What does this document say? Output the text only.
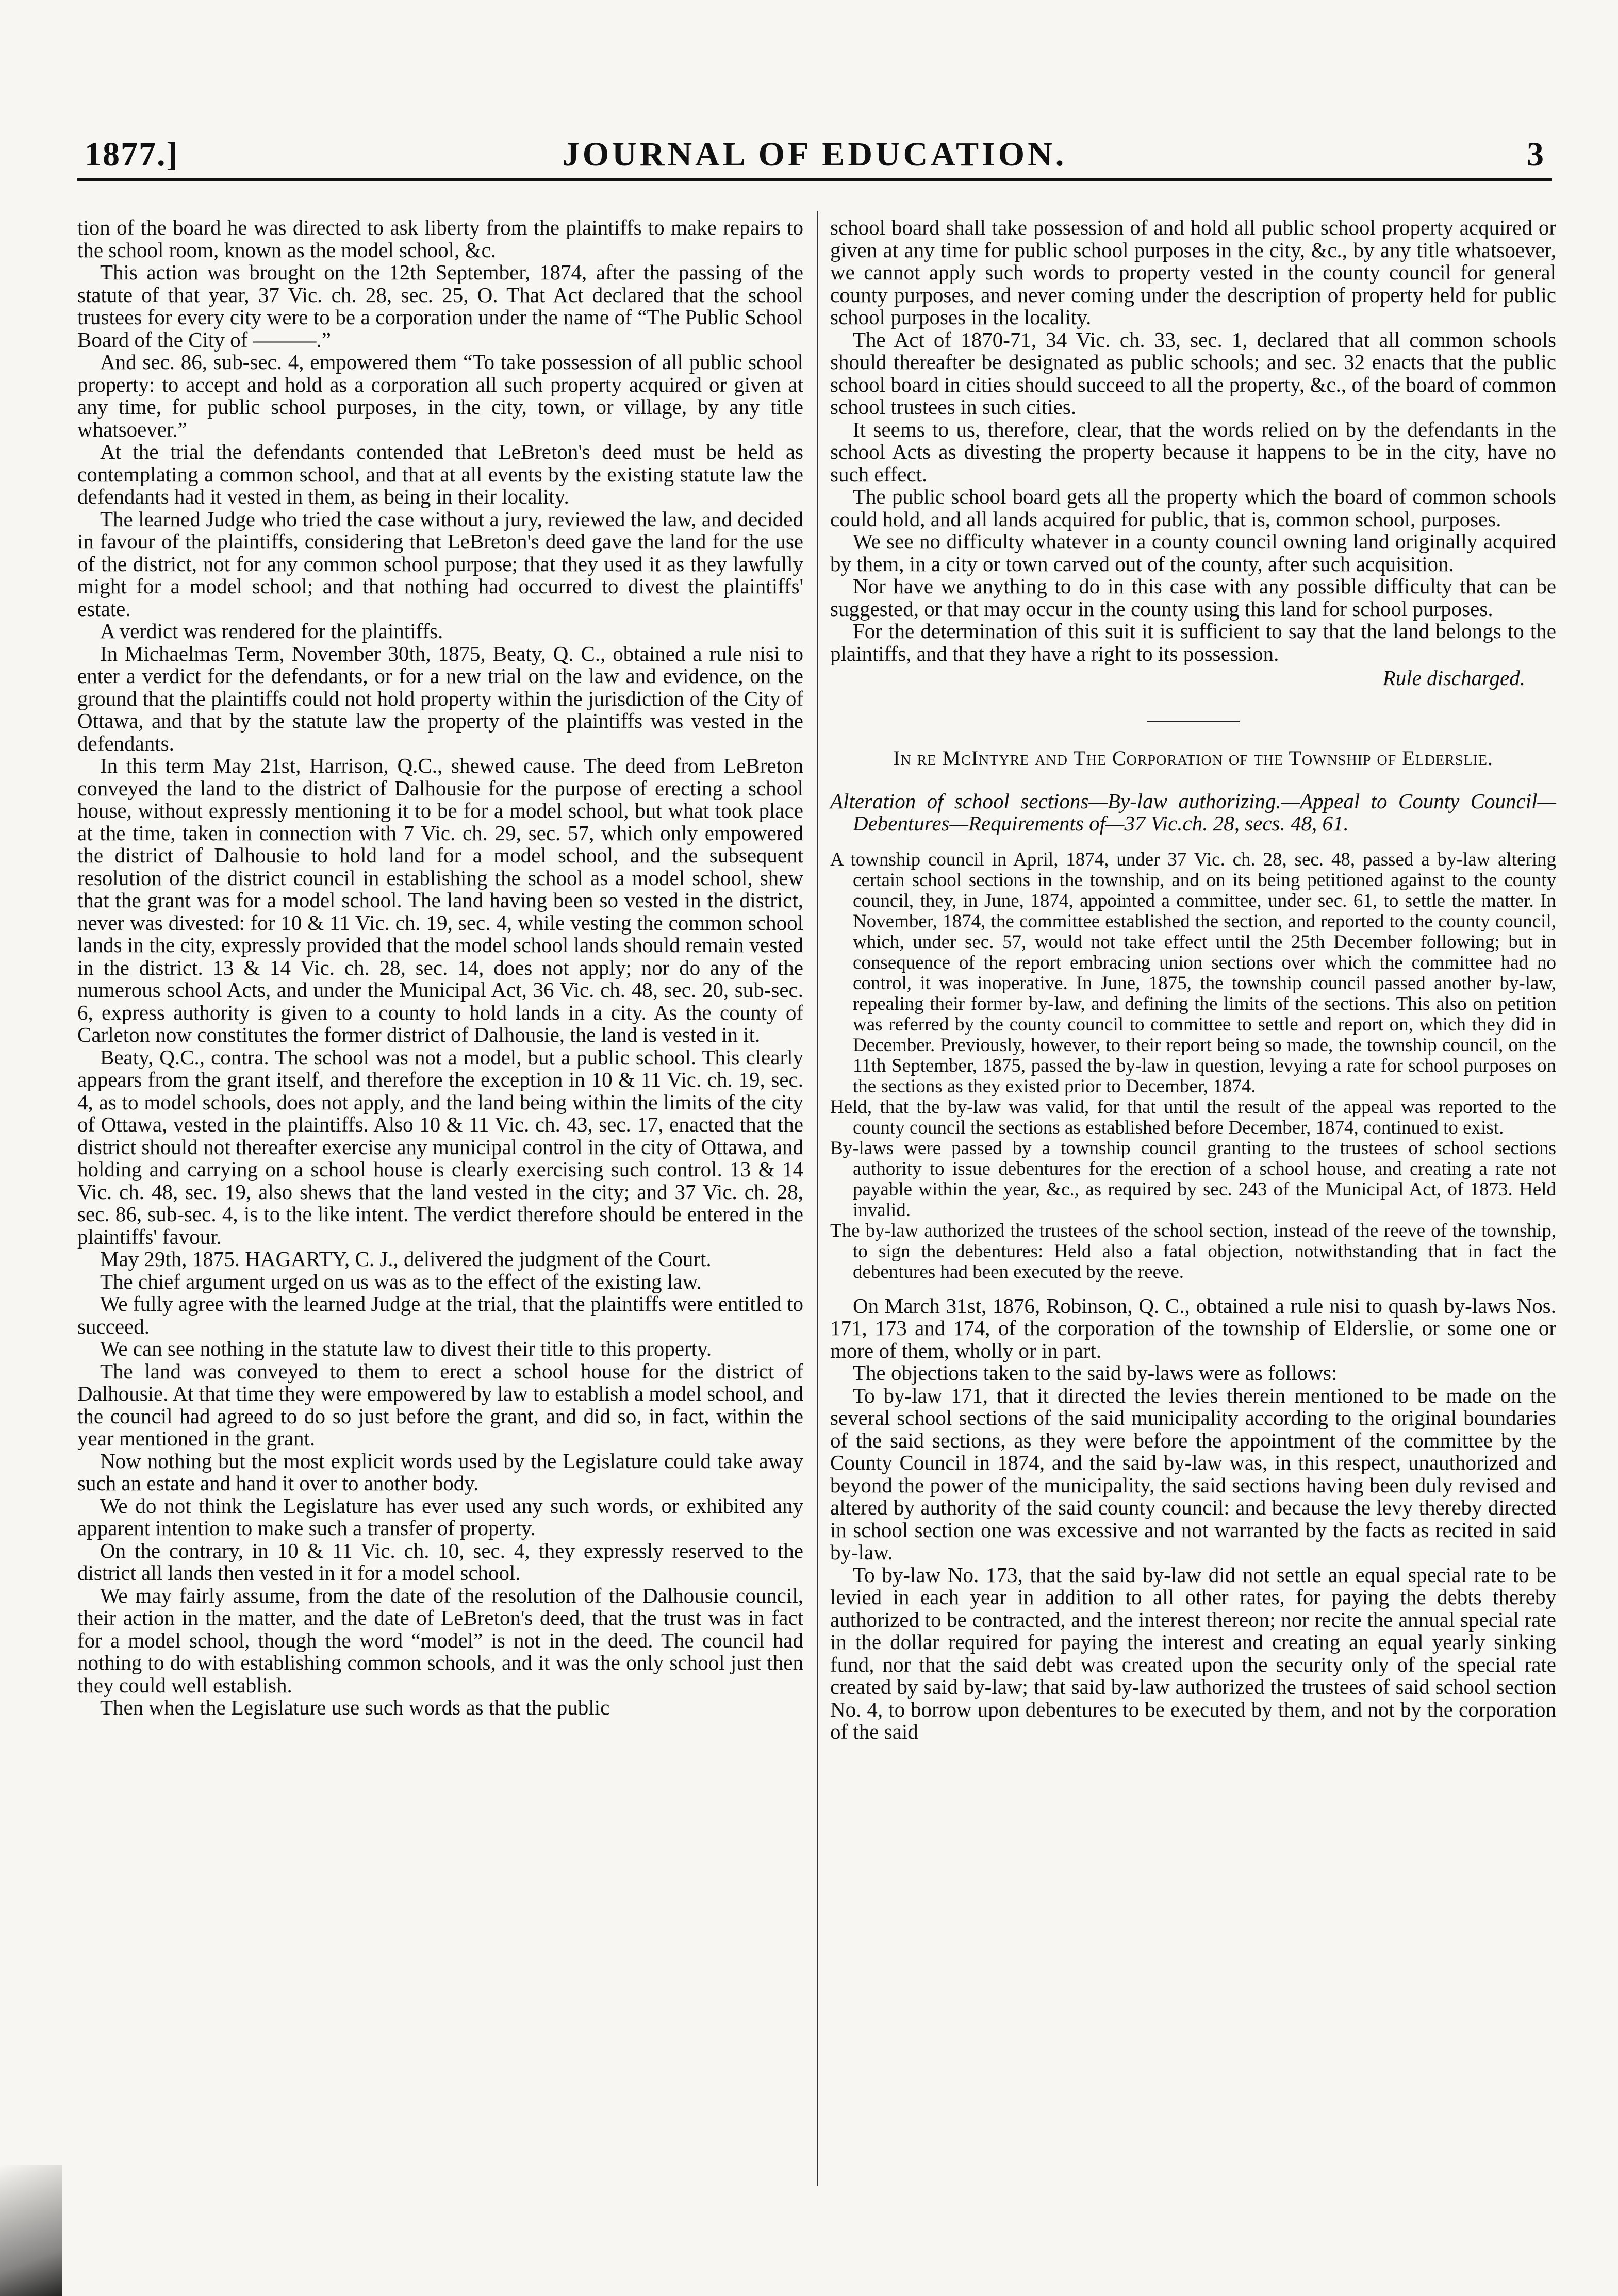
1877.]	JOURNAL OF EDUCATION.	3

tion of the board he was directed to ask liberty from the plaintiffs to make repairs to the school room, known as the model school, &c.

This action was brought on the 12th September, 1874, after the passing of the statute of that year, 37 Vic. ch. 28, sec. 25, O. That Act declared that the school trustees for every city were to be a corporation under the name of “The Public School Board of the City of ———.”

And sec. 86, sub-sec. 4, empowered them “To take possession of all public school property: to accept and hold as a corporation all such property acquired or given at any time, for public school purposes, in the city, town, or village, by any title whatsoever.”

At the trial the defendants contended that LeBreton's deed must be held as contemplating a common school, and that at all events by the existing statute law the defendants had it vested in them, as being in their locality.

The learned Judge who tried the case without a jury, reviewed the law, and decided in favour of the plaintiffs, considering that LeBreton's deed gave the land for the use of the district, not for any common school purpose; that they used it as they lawfully might for a model school; and that nothing had occurred to divest the plaintiffs' estate.

A verdict was rendered for the plaintiffs.

In Michaelmas Term, November 30th, 1875, Beaty, Q. C., obtained a rule nisi to enter a verdict for the defendants, or for a new trial on the law and evidence, on the ground that the plaintiffs could not hold property within the jurisdiction of the City of Ottawa, and that by the statute law the property of the plaintiffs was vested in the defendants.

In this term May 21st, Harrison, Q.C., shewed cause. The deed from LeBreton conveyed the land to the district of Dalhousie for the purpose of erecting a school house, without expressly mentioning it to be for a model school, but what took place at the time, taken in connection with 7 Vic. ch. 29, sec. 57, which only empowered the district of Dalhousie to hold land for a model school, and the subsequent resolution of the district council in establishing the school as a model school, shew that the grant was for a model school. The land having been so vested in the district, never was divested: for 10 & 11 Vic. ch. 19, sec. 4, while vesting the common school lands in the city, expressly provided that the model school lands should remain vested in the district. 13 & 14 Vic. ch. 28, sec. 14, does not apply; nor do any of the numerous school Acts, and under the Municipal Act, 36 Vic. ch. 48, sec. 20, sub-sec. 6, express authority is given to a county to hold lands in a city. As the county of Carleton now constitutes the former district of Dalhousie, the land is vested in it.

Beaty, Q.C., contra. The school was not a model, but a public school. This clearly appears from the grant itself, and therefore the exception in 10 & 11 Vic. ch. 19, sec. 4, as to model schools, does not apply, and the land being within the limits of the city of Ottawa, vested in the plaintiffs. Also 10 & 11 Vic. ch. 43, sec. 17, enacted that the district should not thereafter exercise any municipal control in the city of Ottawa, and holding and carrying on a school house is clearly exercising such control. 13 & 14 Vic. ch. 48, sec. 19, also shews that the land vested in the city; and 37 Vic. ch. 28, sec. 86, sub-sec. 4, is to the like intent. The verdict therefore should be entered in the plaintiffs' favour.

May 29th, 1875. HAGARTY, C. J., delivered the judgment of the Court.

The chief argument urged on us was as to the effect of the existing law.

We fully agree with the learned Judge at the trial, that the plaintiffs were entitled to succeed.

We can see nothing in the statute law to divest their title to this property.

The land was conveyed to them to erect a school house for the district of Dalhousie. At that time they were empowered by law to establish a model school, and the council had agreed to do so just before the grant, and did so, in fact, within the year mentioned in the grant.

Now nothing but the most explicit words used by the Legislature could take away such an estate and hand it over to another body.

We do not think the Legislature has ever used any such words, or exhibited any apparent intention to make such a transfer of property.

On the contrary, in 10 & 11 Vic. ch. 10, sec. 4, they expressly reserved to the district all lands then vested in it for a model school.

We may fairly assume, from the date of the resolution of the Dalhousie council, their action in the matter, and the date of LeBreton's deed, that the trust was in fact for a model school, though the word “model” is not in the deed. The council had nothing to do with establishing common schools, and it was the only school just then they could well establish.

Then when the Legislature use such words as that the public

school board shall take possession of and hold all public school property acquired or given at any time for public school purposes in the city, &c., by any title whatsoever, we cannot apply such words to property vested in the county council for general county purposes, and never coming under the description of property held for public school purposes in the locality.

The Act of 1870-71, 34 Vic. ch. 33, sec. 1, declared that all common schools should thereafter be designated as public schools; and sec. 32 enacts that the public school board in cities should succeed to all the property, &c., of the board of common school trustees in such cities.

It seems to us, therefore, clear, that the words relied on by the defendants in the school Acts as divesting the property because it happens to be in the city, have no such effect.

The public school board gets all the property which the board of common schools could hold, and all lands acquired for public, that is, common school, purposes.

We see no difficulty whatever in a county council owning land originally acquired by them, in a city or town carved out of the county, after such acquisition.

Nor have we anything to do in this case with any possible difficulty that can be suggested, or that may occur in the county using this land for school purposes.

For the determination of this suit it is sufficient to say that the land belongs to the plaintiffs, and that they have a right to its possession.

Rule discharged.
In re McIntyre and The Corporation of the Township of Elderslie.
Alteration of school sections—By-law authorizing.—Appeal to County Council—Debentures—Requirements of—37 Vic.ch. 28, secs. 48, 61.

A township council in April, 1874, under 37 Vic. ch. 28, sec. 48, passed a by-law altering certain school sections in the township, and on its being petitioned against to the county council, they, in June, 1874, appointed a committee, under sec. 61, to settle the matter. In November, 1874, the committee established the section, and reported to the county council, which, under sec. 57, would not take effect until the 25th December following; but in consequence of the report embracing union sections over which the committee had no control, it was inoperative. In June, 1875, the township council passed another by-law, repealing their former by-law, and defining the limits of the sections. This also on petition was referred by the county council to committee to settle and report on, which they did in December. Previously, however, to their report being so made, the township council, on the 11th September, 1875, passed the by-law in question, levying a rate for school purposes on the sections as they existed prior to December, 1874.

Held, that the by-law was valid, for that until the result of the appeal was reported to the county council the sections as established before December, 1874, continued to exist.

By-laws were passed by a township council granting to the trustees of school sections authority to issue debentures for the erection of a school house, and creating a rate not payable within the year, &c., as required by sec. 243 of the Municipal Act, of 1873. Held invalid.

The by-law authorized the trustees of the school section, instead of the reeve of the township, to sign the debentures: Held also a fatal objection, notwithstanding that in fact the debentures had been executed by the reeve.

On March 31st, 1876, Robinson, Q. C., obtained a rule nisi to quash by-laws Nos. 171, 173 and 174, of the corporation of the township of Elderslie, or some one or more of them, wholly or in part.

The objections taken to the said by-laws were as follows:

To by-law 171, that it directed the levies therein mentioned to be made on the several school sections of the said municipality according to the original boundaries of the said sections, as they were before the appointment of the committee by the County Council in 1874, and the said by-law was, in this respect, unauthorized and beyond the power of the municipality, the said sections having been duly revised and altered by authority of the said county council: and because the levy thereby directed in school section one was excessive and not warranted by the facts as recited in said by-law.

To by-law No. 173, that the said by-law did not settle an equal special rate to be levied in each year in addition to all other rates, for paying the debts thereby authorized to be contracted, and the interest thereon; nor recite the annual special rate in the dollar required for paying the interest and creating an equal yearly sinking fund, nor that the said debt was created upon the security only of the special rate created by said by-law; that said by-law authorized the trustees of said school section No. 4, to borrow upon debentures to be executed by them, and not by the corporation of the said
